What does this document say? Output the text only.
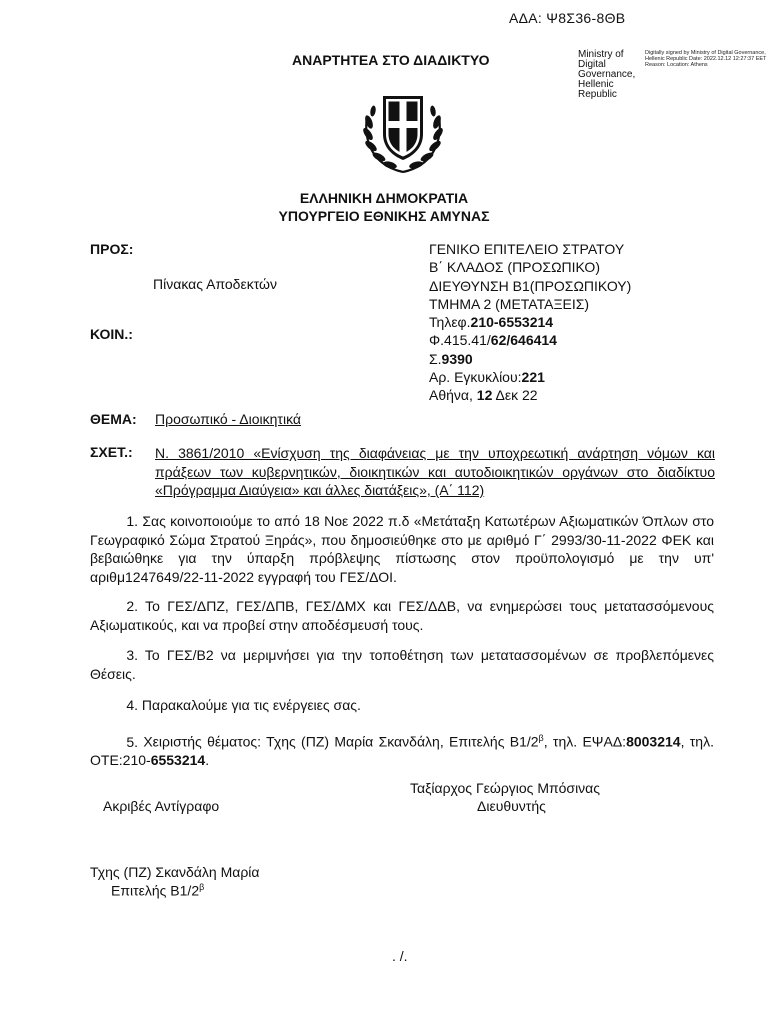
ΑΔΑ: Ψ8Σ36-8ΘΒ
ΑΝΑΡΤΗΤΕΑ ΣΤΟ ΔΙΑΔΙΚΤΥΟ	Ministry of Digital Governance, Hellenic Republic
Digitally signed by Ministry of Digital Governance, Hellenic Republic Date: 2022.12.12 12:27:37 EET Reason: Location: Athens
ΕΛΛΗΝΙΚΗ ΔΗΜΟΚΡΑΤΙΑ
ΥΠΟΥΡΓΕΙΟ ΕΘΝΙΚΗΣ ΑΜΥΝΑΣ
ΠΡΟΣ:
Πίνακας Αποδεκτών
ΚΟΙΝ.:
ΓΕΝΙΚΟ ΕΠΙΤΕΛΕΙΟ ΣΤΡΑΤΟΥ
Β΄ ΚΛΑΔΟΣ (ΠΡΟΣΩΠΙΚΟ)
ΔΙΕΥΘΥΝΣΗ Β1(ΠΡΟΣΩΠΙΚΟΥ)
ΤΜΗΜΑ 2 (ΜΕΤΑΤΑΞΕΙΣ)
Τηλεφ.210-6553214
Φ.415.41/62/646414
Σ.9390
Αρ. Εγκυκλίου:221
Αθήνα, 12 Δεκ 22
ΘΕΜΑ: Προσωπικό - Διοικητικά
ΣΧΕΤ.: Ν. 3861/2010 «Ενίσχυση της διαφάνειας με την υποχρεωτική ανάρτηση νόμων και πράξεων των κυβερνητικών, διοικητικών και αυτοδιοικητικών οργάνων στο διαδίκτυο «Πρόγραμμα Διαύγεια» και άλλες διατάξεις», (Α΄ 112)
1. Σας κοινοποιούμε το από 18 Νοε 2022 π.δ «Μετάταξη Κατωτέρων Αξιωματικών Όπλων στο Γεωγραφικό Σώμα Στρατού Ξηράς», που δημοσιεύθηκε στο με αριθμό Γ΄ 2993/30-11-2022 ΦΕΚ και βεβαιώθηκε για την ύπαρξη πρόβλεψης πίστωσης στον προϋπολογισμό με την υπ' αριθμ1247649/22-11-2022 εγγραφή του ΓΕΣ/ΔΟΙ.
2. Το ΓΕΣ/ΔΠΖ, ΓΕΣ/ΔΠΒ, ΓΕΣ/ΔΜΧ και ΓΕΣ/ΔΔΒ, να ενημερώσει τους μετατασσόμενους Αξιωματικούς, και να προβεί στην αποδέσμευσή τους.
3. Το ΓΕΣ/Β2 να μεριμνήσει για την τοποθέτηση των μετατασσομένων σε προβλεπόμενες Θέσεις.
4. Παρακαλούμε για τις ενέργειες σας.
5. Χειριστής θέματος: Τχης (ΠΖ) Μαρία Σκανδάλη, Επιτελής $B1/2^\beta$, τηλ. ΕΨΑΔ:8003214, τηλ. ΟΤΕ:210-6553214.
Ταξίαρχος Γεώργιος Μπόσινας
Διευθυντής
Ακριβές Αντίγραφο
Τχης (ΠΖ) Σκανδάλη Μαρία
Επιτελής $B1/2^\beta$
. /.
